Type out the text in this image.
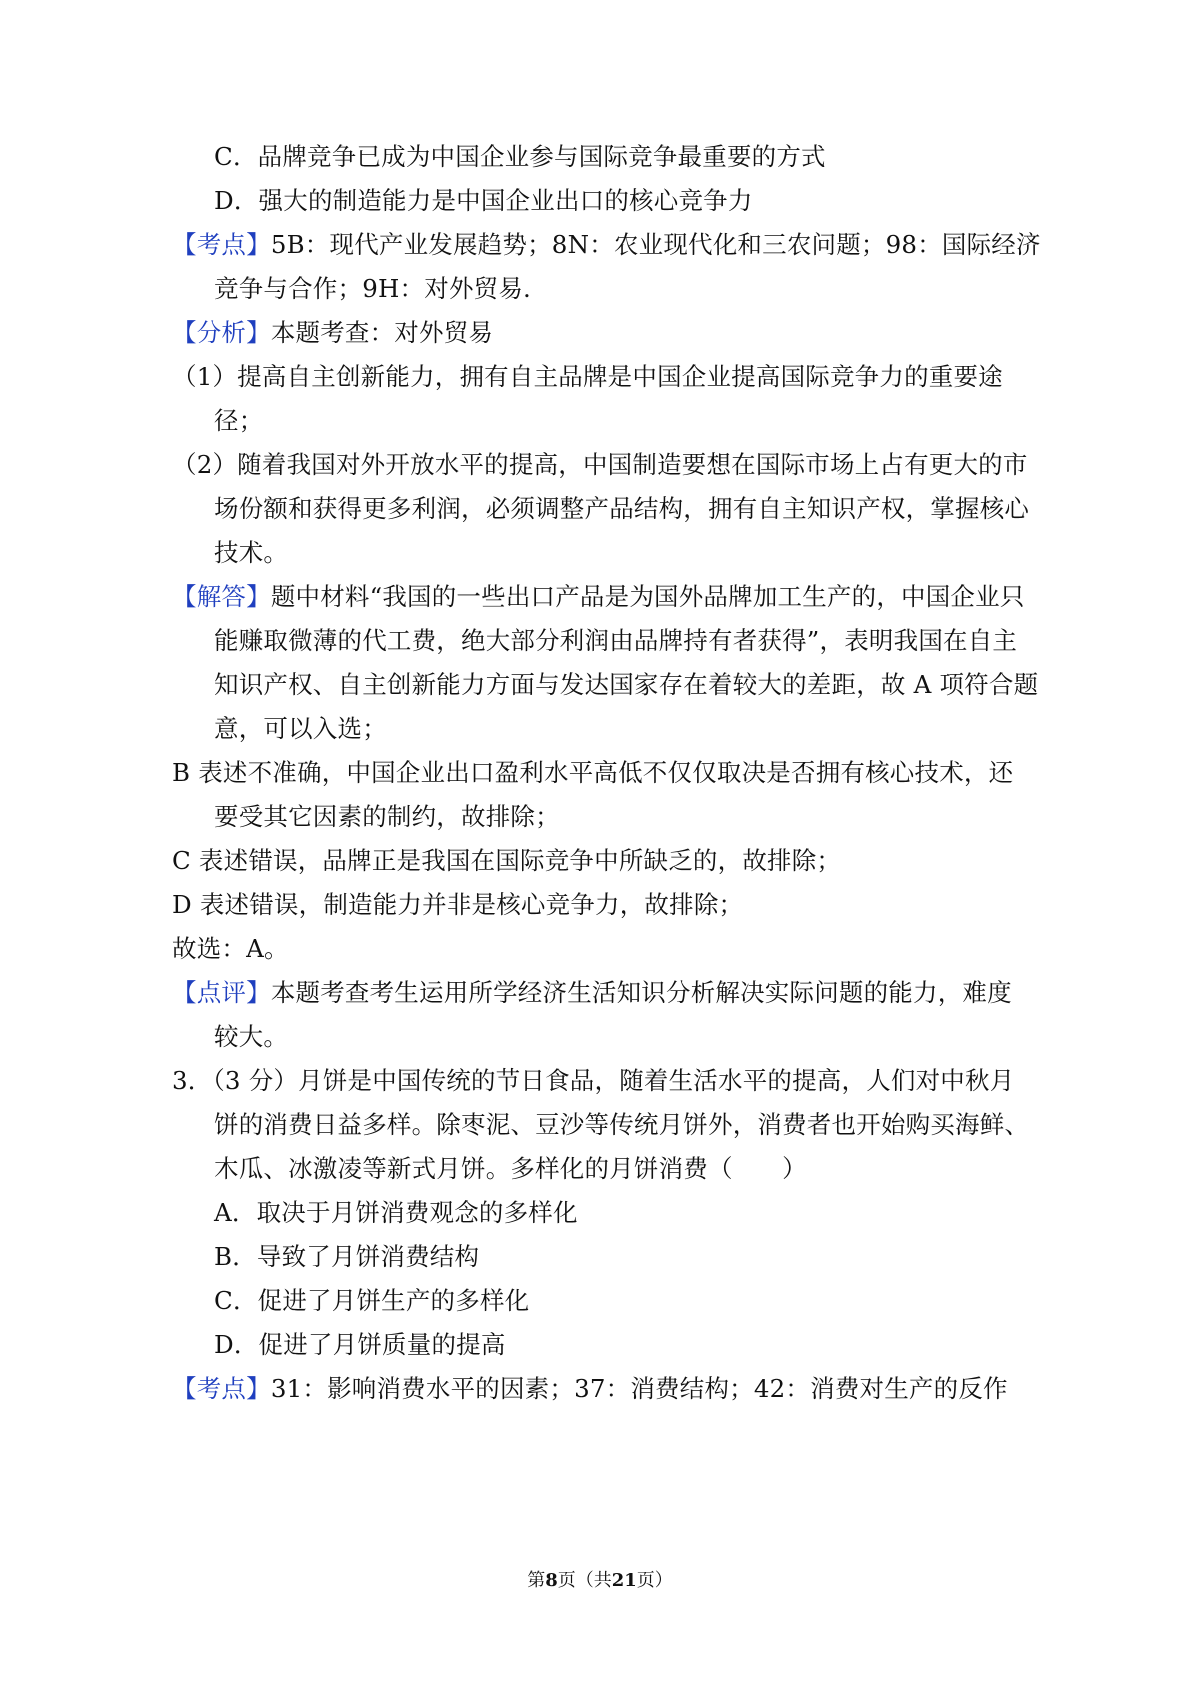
C．品牌竞争已成为中国企业参与国际竞争最重要的方式
D．强大的制造能力是中国企业出口的核心竞争力
【考点】5B：现代产业发展趋势；8N：农业现代化和三农问题；98：国际经济
竞争与合作；9H：对外贸易.
【分析】本题考查：对外贸易
（1）提高自主创新能力，拥有自主品牌是中国企业提高国际竞争力的重要途
径；
（2）随着我国对外开放水平的提高，中国制造要想在国际市场上占有更大的市
场份额和获得更多利润，必须调整产品结构，拥有自主知识产权，掌握核心
技术。
【解答】题中材料“我国的一些出口产品是为国外品牌加工生产的，中国企业只
能赚取微薄的代工费，绝大部分利润由品牌持有者获得”，表明我国在自主
知识产权、自主创新能力方面与发达国家存在着较大的差距，故 A 项符合题
意，可以入选；
B 表述不准确，中国企业出口盈利水平高低不仅仅取决是否拥有核心技术，还
要受其它因素的制约，故排除；
C 表述错误，品牌正是我国在国际竞争中所缺乏的，故排除；
D 表述错误，制造能力并非是核心竞争力，故排除；
故选：A。
【点评】本题考查考生运用所学经济生活知识分析解决实际问题的能力，难度
较大。
3．（3 分）月饼是中国传统的节日食品，随着生活水平的提高，人们对中秋月
饼的消费日益多样。除枣泥、豆沙等传统月饼外，消费者也开始购买海鲜、
木瓜、冰激凌等新式月饼。多样化的月饼消费（　　）
A．取决于月饼消费观念的多样化
B．导致了月饼消费结构
C．促进了月饼生产的多样化
D．促进了月饼质量的提高
【考点】31：影响消费水平的因素；37：消费结构；42：消费对生产的反作
第8页（共21页）
